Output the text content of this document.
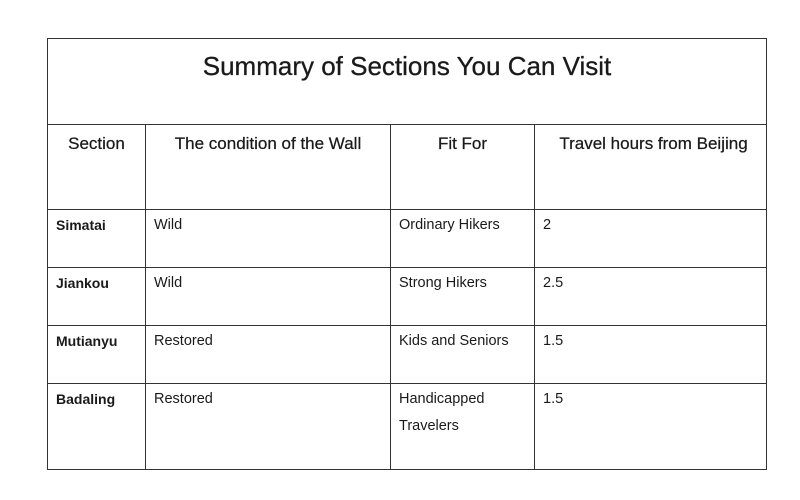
Summary of Sections You Can Visit			

Section	The condition of the Wall	Fit For	Travel hours from Beijing

Simatai	Wild	Ordinary Hikers	2

Jiankou	Wild	Strong Hikers	2.5

Mutianyu	Restored	Kids and Seniors	1.5

Badaling	Restored	Handicapped Travelers	1.5
